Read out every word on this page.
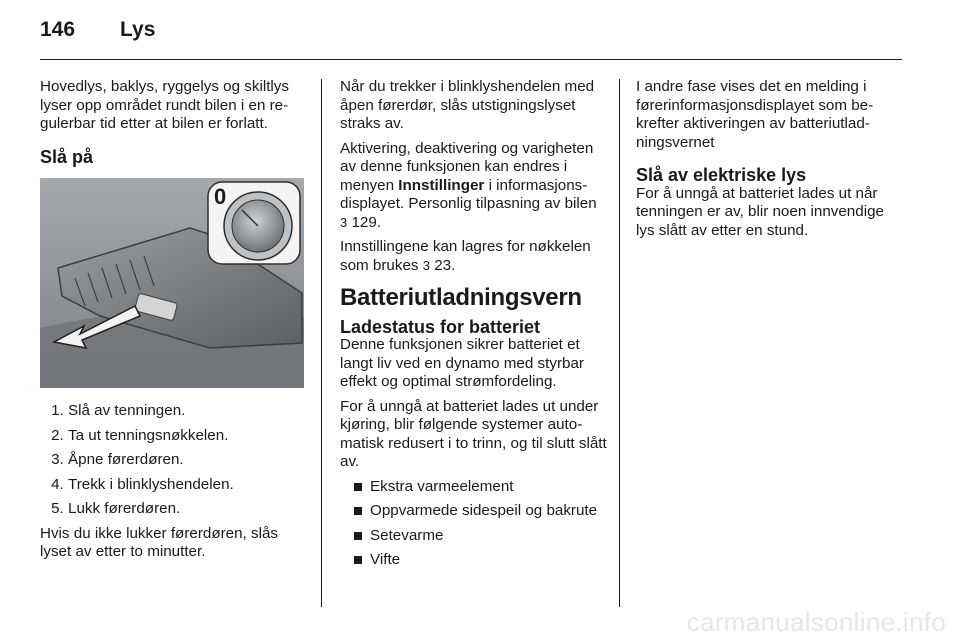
146 Lys

Hovedlys, baklys, ryggelys og skiltlys lyser opp området rundt bilen i en regulerbar tid etter at bilen er forlatt.

Slå på
0
1. Slå av tenningen.
2. Ta ut tenningsnøkkelen.
3. Åpne førerdøren.
4. Trekk i blinklyshendelen.
5. Lukk førerdøren.

Hvis du ikke lukker førerdøren, slås lyset av etter to minutter.

Når du trekker i blinklyshendelen med åpen førerdør, slås utstigningslyset straks av.

Aktivering, deaktivering og varigheten av denne funksjonen kan endres i menyen Innstillinger i informasjonsdisplayet. Personlig tilpasning av bilen 3 129.

Innstillingene kan lagres for nøkkelen som brukes 3 23.

Batteriutladningsvern
Ladestatus for batteriet

Denne funksjonen sikrer batteriet et langt liv ved en dynamo med styrbar effekt og optimal strømfordeling.

For å unngå at batteriet lades ut under kjøring, blir følgende systemer automatisk redusert i to trinn, og til slutt slått av.

Ekstra varmeelement
Oppvarmede sidespeil og bakrute
Setevarme
Vifte

I andre fase vises det en melding i førerinformasjonsdisplayet som bekrefter aktiveringen av batteriutladningsvernet

Slå av elektriske lys

For å unngå at batteriet lades ut når tenningen er av, blir noen innvendige lys slått av etter en stund.

carmanualsonline.info
